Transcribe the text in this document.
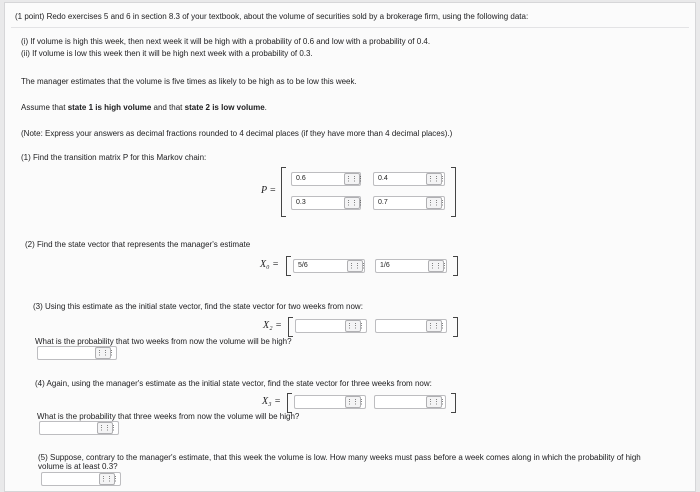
(1 point) Redo exercises 5 and 6 in section 8.3 of your textbook, about the volume of securities sold by a brokerage firm, using the following data:
(i) If volume is high this week, then next week it will be high with a probability of 0.6 and low with a probability of 0.4.
(ii) If volume is low this week then it will be high next week with a probability of 0.3.
The manager estimates that the volume is five times as likely to be high as to be low this week.
Assume that state 1 is high volume and that state 2 is low volume.
(Note: Express your answers as decimal fractions rounded to 4 decimal places (if they have more than 4 decimal places).)
(1) Find the transition matrix P for this Markov chain:
P =
0.6	⋮⋮⋮	0.4	⋮⋮⋮
0.3	⋮⋮⋮	0.7	⋮⋮⋮
(2) Find the state vector that represents the manager's estimate
X₀ =	5/6	⋮⋮⋮	1/6	⋮⋮⋮
(3) Using this estimate as the initial state vector, find the state vector for two weeks from now:
X₂ =	⋮⋮⋮	⋮⋮⋮
What is the probability that two weeks from now the volume will be high?
⋮⋮⋮
(4) Again, using the manager's estimate as the initial state vector, find the state vector for three weeks from now:
X₃ =	⋮⋮⋮	⋮⋮⋮
What is the probability that three weeks from now the volume will be high?
⋮⋮⋮
(5) Suppose, contrary to the manager's estimate, that this week the volume is low. How many weeks must pass before a week comes along in which the probability of high
volume is at least 0.3?
⋮⋮⋮
